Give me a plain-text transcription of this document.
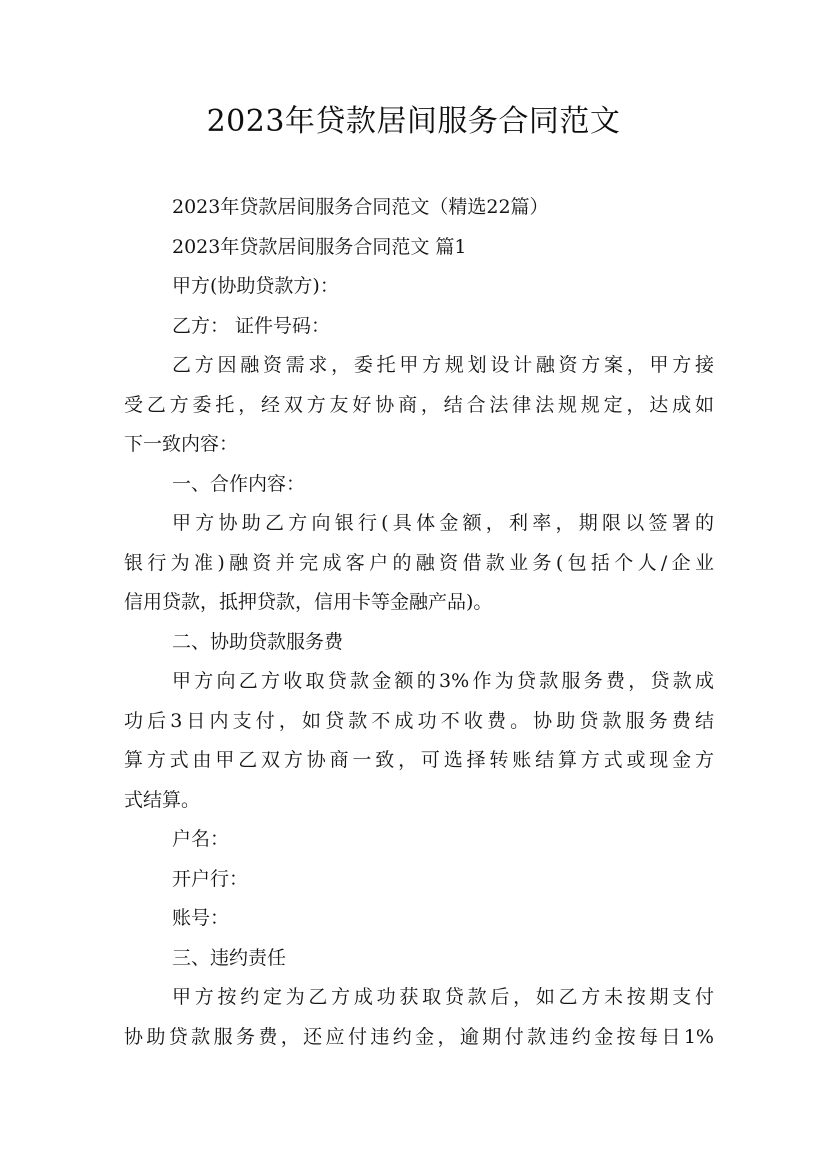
2023年贷款居间服务合同范文
2023年贷款居间服务合同范文（精选22篇）
2023年贷款居间服务合同范文 篇1
甲方(协助贷款方)：
乙方： 证件号码：
乙方因融资需求，委托甲方规划设计融资方案，甲方接
受乙方委托，经双方友好协商，结合法律法规规定，达成如
下一致内容：
一、合作内容：
甲方协助乙方向银行(具体金额，利率，期限以签署的
银行为准)融资并完成客户的融资借款业务(包括个人/企业
信用贷款，抵押贷款，信用卡等金融产品)。
二、协助贷款服务费
甲方向乙方收取贷款金额的3%作为贷款服务费，贷款成
功后3日内支付，如贷款不成功不收费。协助贷款服务费结
算方式由甲乙双方协商一致，可选择转账结算方式或现金方
式结算。
户名：
开户行：
账号：
三、违约责任
甲方按约定为乙方成功获取贷款后，如乙方未按期支付
协助贷款服务费，还应付违约金，逾期付款违约金按每日1%
